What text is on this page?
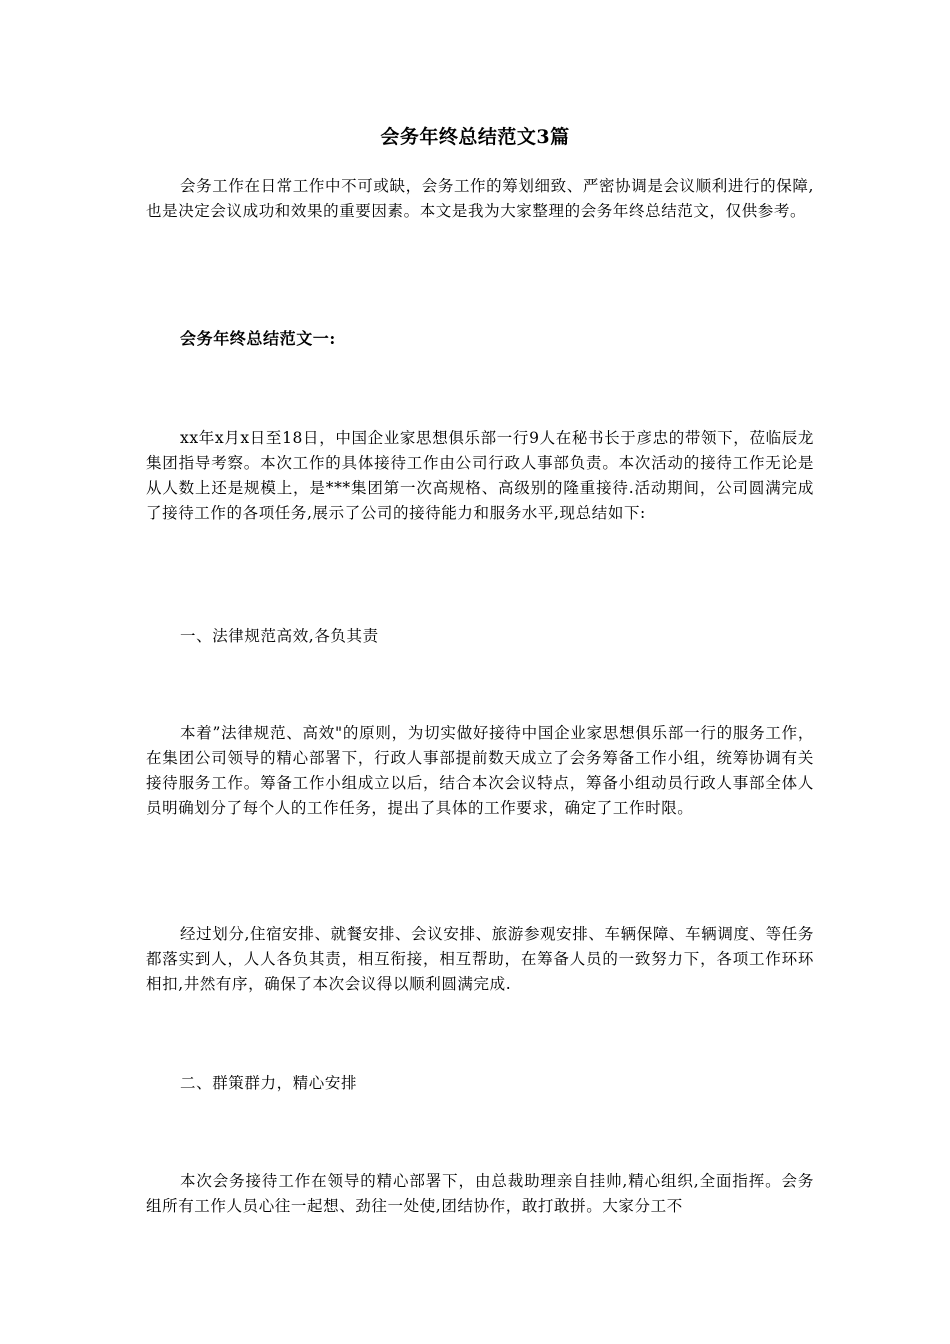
会务年终总结范文3篇

会务工作在日常工作中不可或缺，会务工作的筹划细致、严密协调是会议顺利进行的保障,也是决定会议成功和效果的重要因素。本文是我为大家整理的会务年终总结范文，仅供参考。

会务年终总结范文一:

xx年x月x日至18日，中国企业家思想俱乐部一行9人在秘书长于彦忠的带领下，莅临辰龙集团指导考察。本次工作的具体接待工作由公司行政人事部负责。本次活动的接待工作无论是从人数上还是规模上，是***集团第一次高规格、高级别的隆重接待.活动期间，公司圆满完成了接待工作的各项任务,展示了公司的接待能力和服务水平,现总结如下:

一、法律规范高效,各负其责

本着”法律规范、高效"的原则，为切实做好接待中国企业家思想俱乐部一行的服务工作，在集团公司领导的精心部署下，行政人事部提前数天成立了会务筹备工作小组，统筹协调有关接待服务工作。筹备工作小组成立以后，结合本次会议特点，筹备小组动员行政人事部全体人员明确划分了每个人的工作任务，提出了具体的工作要求，确定了工作时限。

经过划分,住宿安排、就餐安排、会议安排、旅游参观安排、车辆保障、车辆调度、等任务都落实到人，人人各负其责，相互衔接，相互帮助，在筹备人员的一致努力下，各项工作环环相扣,井然有序，确保了本次会议得以顺利圆满完成.

二、群策群力，精心安排

本次会务接待工作在领导的精心部署下，由总裁助理亲自挂帅,精心组织,全面指挥。会务组所有工作人员心往一起想、劲往一处使,团结协作，敢打敢拼。大家分工不
